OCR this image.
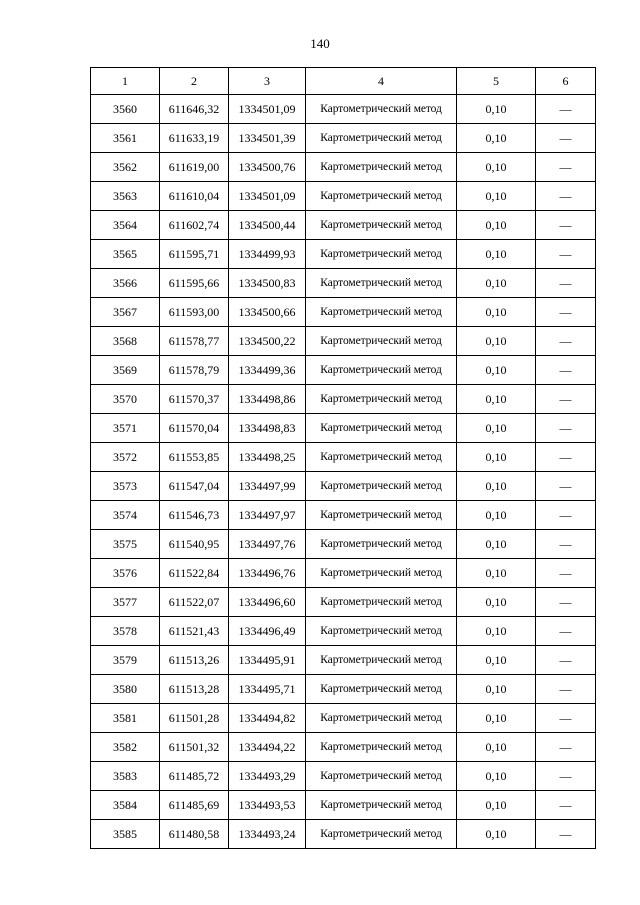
140
1	2	3	4	5	6
3560	611646,32	1334501,09	Картометрический метод	0,10	—
3561	611633,19	1334501,39	Картометрический метод	0,10	—
3562	611619,00	1334500,76	Картометрический метод	0,10	—
3563	611610,04	1334501,09	Картометрический метод	0,10	—
3564	611602,74	1334500,44	Картометрический метод	0,10	—
3565	611595,71	1334499,93	Картометрический метод	0,10	—
3566	611595,66	1334500,83	Картометрический метод	0,10	—
3567	611593,00	1334500,66	Картометрический метод	0,10	—
3568	611578,77	1334500,22	Картометрический метод	0,10	—
3569	611578,79	1334499,36	Картометрический метод	0,10	—
3570	611570,37	1334498,86	Картометрический метод	0,10	—
3571	611570,04	1334498,83	Картометрический метод	0,10	—
3572	611553,85	1334498,25	Картометрический метод	0,10	—
3573	611547,04	1334497,99	Картометрический метод	0,10	—
3574	611546,73	1334497,97	Картометрический метод	0,10	—
3575	611540,95	1334497,76	Картометрический метод	0,10	—
3576	611522,84	1334496,76	Картометрический метод	0,10	—
3577	611522,07	1334496,60	Картометрический метод	0,10	—
3578	611521,43	1334496,49	Картометрический метод	0,10	—
3579	611513,26	1334495,91	Картометрический метод	0,10	—
3580	611513,28	1334495,71	Картометрический метод	0,10	—
3581	611501,28	1334494,82	Картометрический метод	0,10	—
3582	611501,32	1334494,22	Картометрический метод	0,10	—
3583	611485,72	1334493,29	Картометрический метод	0,10	—
3584	611485,69	1334493,53	Картометрический метод	0,10	—
3585	611480,58	1334493,24	Картометрический метод	0,10	—
